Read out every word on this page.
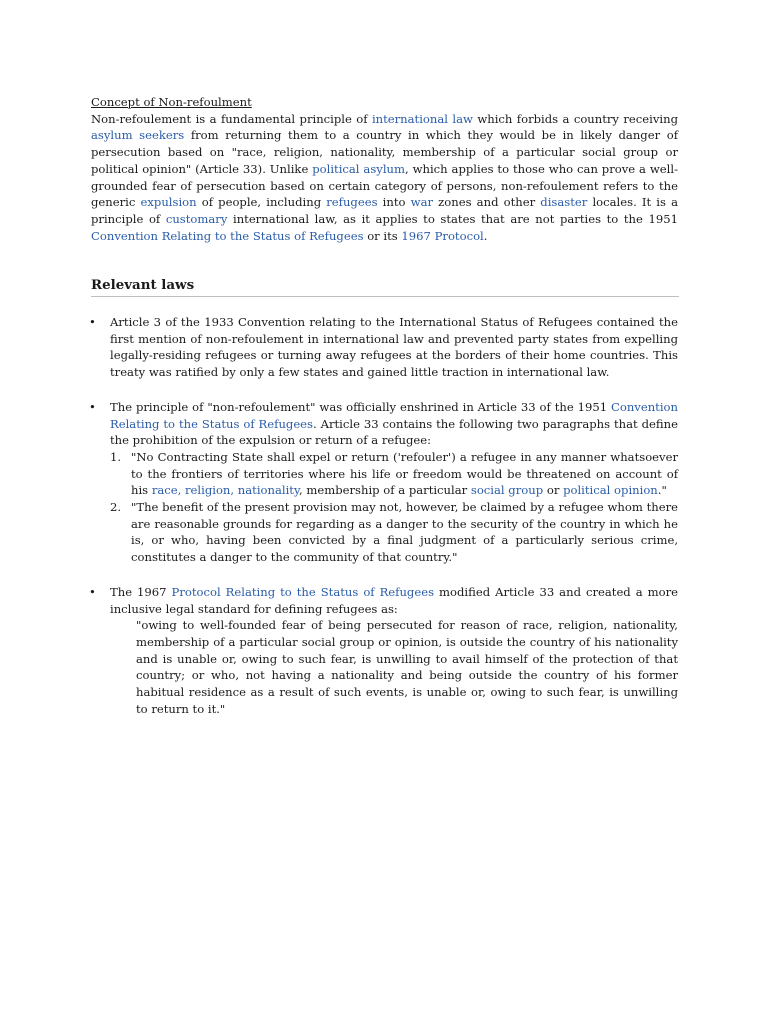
Concept of Non-refoulment

Non-refoulement is a fundamental principle of international law which forbids a country receiving asylum seekers from returning them to a country in which they would be in likely danger of persecution based on "race, religion, nationality, membership of a particular social group or political opinion" (Article 33). Unlike political asylum, which applies to those who can prove a well-grounded fear of persecution based on certain category of persons, non-refoulement refers to the generic expulsion of people, including refugees into war zones and other disaster locales. It is a principle of customary international law, as it applies to states that are not parties to the 1951 Convention Relating to the Status of Refugees or its 1967 Protocol.

Relevant laws
• Article 3 of the 1933 Convention relating to the International Status of Refugees contained the first mention of non-refoulement in international law and prevented party states from expelling legally-residing refugees or turning away refugees at the borders of their home countries. This treaty was ratified by only a few states and gained little traction in international law.
• The principle of "non-refoulement" was officially enshrined in Article 33 of the 1951 Convention Relating to the Status of Refugees. Article 33 contains the following two paragraphs that define the prohibition of the expulsion or return of a refugee:
1. "No Contracting State shall expel or return ('refouler') a refugee in any manner whatsoever to the frontiers of territories where his life or freedom would be threatened on account of his race, religion, nationality, membership of a particular social group or political opinion."
2. "The benefit of the present provision may not, however, be claimed by a refugee whom there are reasonable grounds for regarding as a danger to the security of the country in which he is, or who, having been convicted by a final judgment of a particularly serious crime, constitutes a danger to the community of that country."
• The 1967 Protocol Relating to the Status of Refugees modified Article 33 and created a more inclusive legal standard for defining refugees as:
"owing to well-founded fear of being persecuted for reason of race, religion, nationality, membership of a particular social group or opinion, is outside the country of his nationality and is unable or, owing to such fear, is unwilling to avail himself of the protection of that country; or who, not having a nationality and being outside the country of his former habitual residence as a result of such events, is unable or, owing to such fear, is unwilling to return to it."
